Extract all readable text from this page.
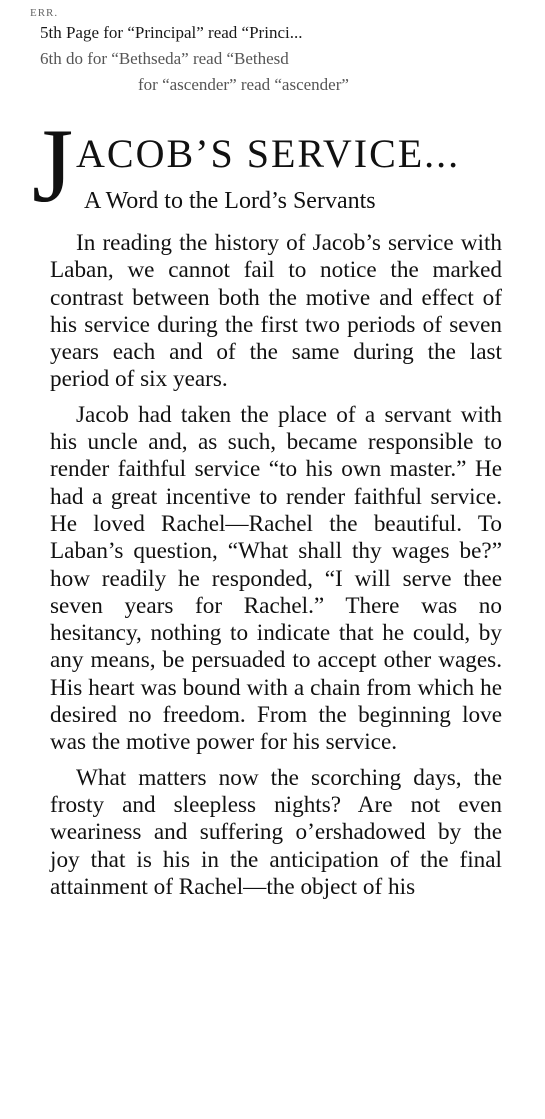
ERR.
5th Page for “Principal” read “Princi...
6th do for “Bethseda” read “Bethesd
for “ascender” read “ascender”
J ACOB’S SERVICE...
A Word to the Lord’s Servants

In reading the history of Jacob’s service with Laban, we cannot fail to notice the marked contrast between both the motive and effect of his service during the first two periods of seven years each and of the same during the last period of six years.

Jacob had taken the place of a servant with his uncle and, as such, became responsible to render faithful service “to his own master.” He had a great incentive to render faithful service. He loved Rachel—Rachel the beautiful. To Laban’s question, “What shall thy wages be?” how readily he responded, “I will serve thee seven years for Rachel.” There was no hesitancy, nothing to indicate that he could, by any means, be persuaded to accept other wages. His heart was bound with a chain from which he desired no freedom. From the beginning love was the motive power for his service.

What matters now the scorching days, the frosty and sleepless nights? Are not even weariness and suffering o’ershadowed by the joy that is his in the anticipation of the final attainment of Rachel—the object of his
